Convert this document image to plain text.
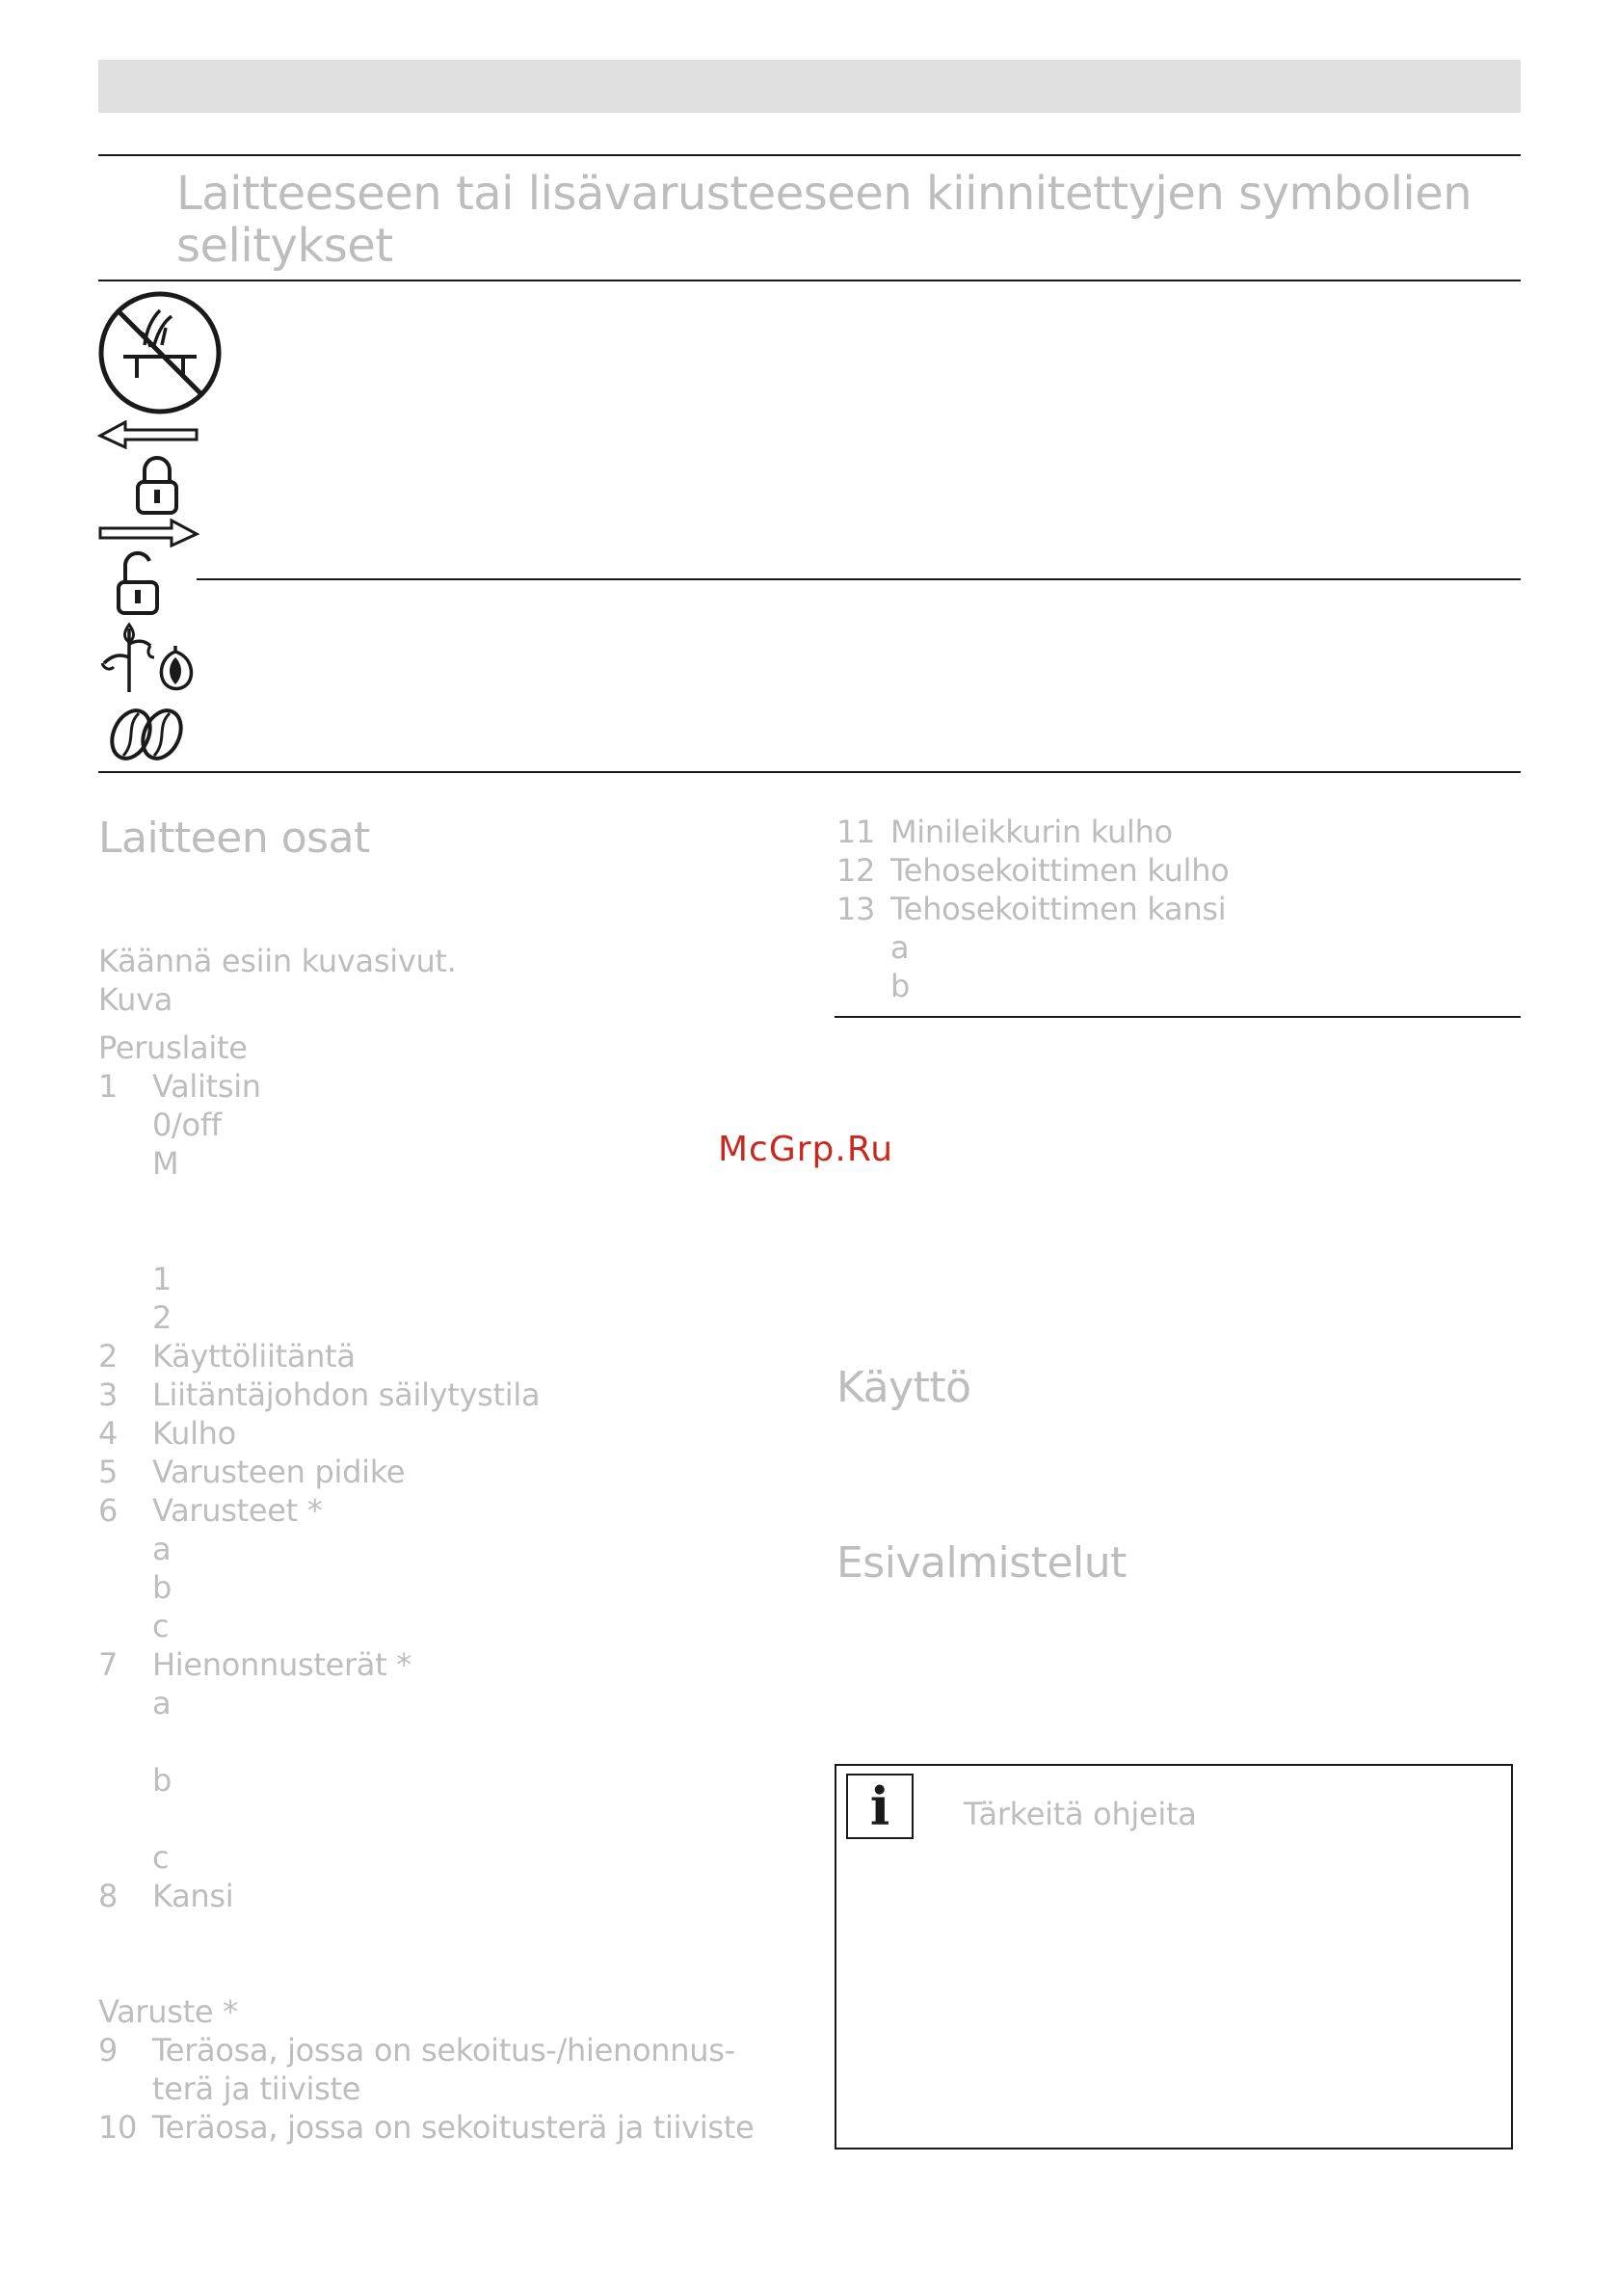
Laitteeseen tai lisävarusteeseen kiinnitettyjen symbolien
selitykset
Laitteen osat
Käännä esiin kuvasivut.
Kuva
Peruslaite
1 Valitsin
0/off
M
1
2
2 Käyttöliitäntä
3 Liitäntäjohdon säilytystila
4 Kulho
5 Varusteen pidike
6 Varusteet *
a
b
c
7 Hienonnusterät *
a
b
c
8 Kansi
Varuste *
9 Teräosa, jossa on sekoitus-/hienonnus-
terä ja tiiviste
10 Teräosa, jossa on sekoitusterä ja tiiviste
11 Minileikkurin kulho
12 Tehosekoittimen kulho
13 Tehosekoittimen kansi
a
b
McGrp.Ru
Käyttö
Esivalmistelut
i	Tärkeitä ohjeita
